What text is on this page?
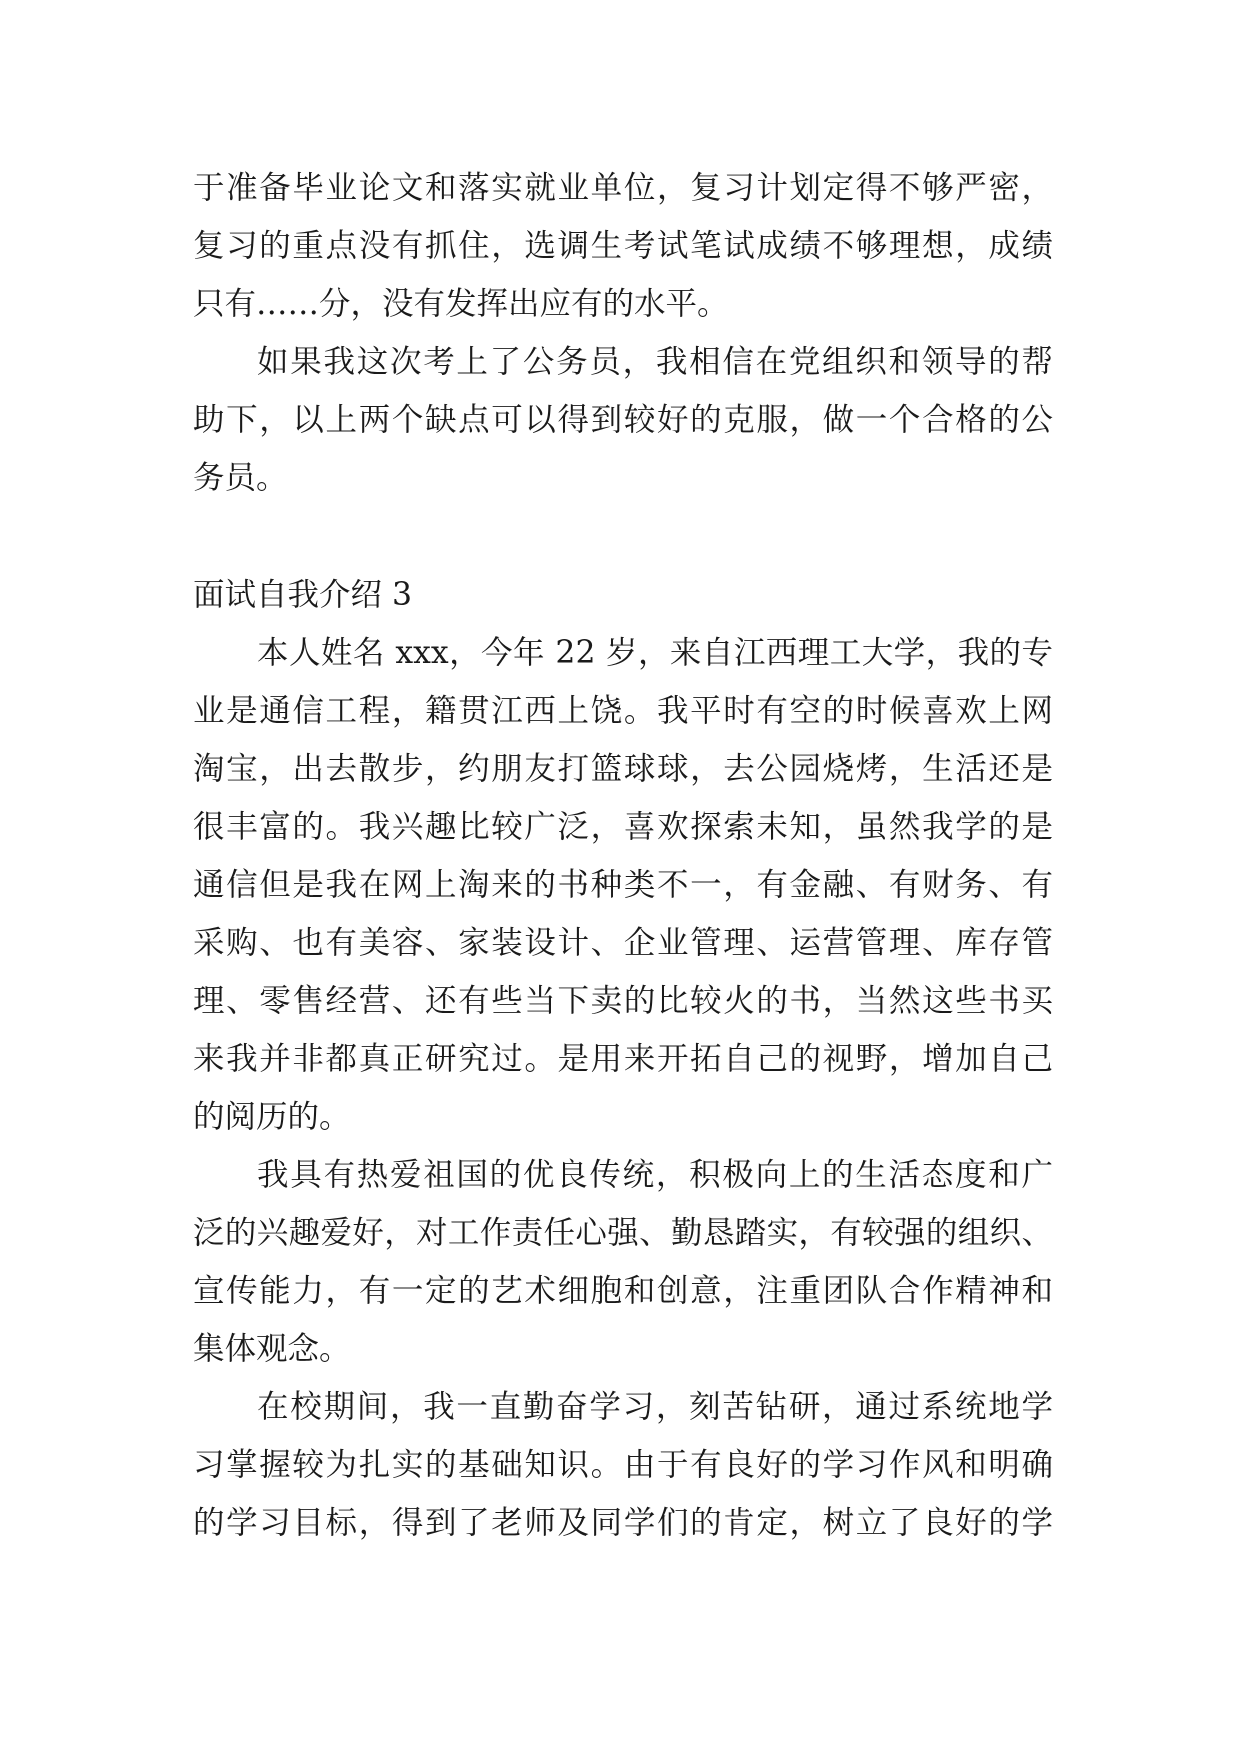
于准备毕业论文和落实就业单位，复习计划定得不够严密，
复习的重点没有抓住，选调生考试笔试成绩不够理想，成绩
只有……分，没有发挥出应有的水平。
如果我这次考上了公务员，我相信在党组织和领导的帮
助下，以上两个缺点可以得到较好的克服，做一个合格的公
务员。
面试自我介绍 3
本人姓名 xxx，今年 22 岁，来自江西理工大学，我的专
业是通信工程，籍贯江西上饶。我平时有空的时候喜欢上网
淘宝，出去散步，约朋友打篮球球，去公园烧烤，生活还是
很丰富的。我兴趣比较广泛，喜欢探索未知，虽然我学的是
通信但是我在网上淘来的书种类不一，有金融、有财务、有
采购、也有美容、家装设计、企业管理、运营管理、库存管
理、零售经营、还有些当下卖的比较火的书，当然这些书买
来我并非都真正研究过。是用来开拓自己的视野，增加自己
的阅历的。
我具有热爱祖国的优良传统，积极向上的生活态度和广
泛的兴趣爱好，对工作责任心强、勤恳踏实，有较强的组织、
宣传能力，有一定的艺术细胞和创意，注重团队合作精神和
集体观念。
在校期间，我一直勤奋学习，刻苦钻研，通过系统地学
习掌握较为扎实的基础知识。由于有良好的学习作风和明确
的学习目标，得到了老师及同学们的肯定，树立了良好的学
